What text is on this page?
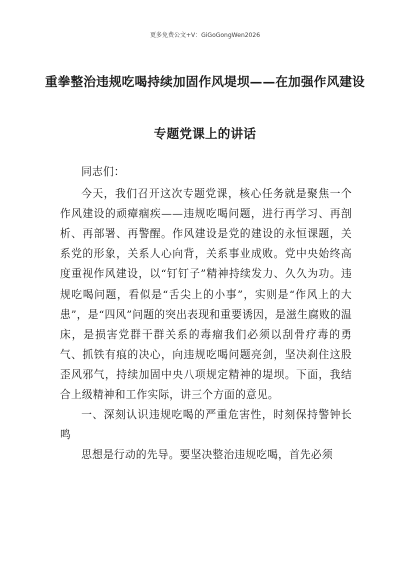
更多免费公文+V：GiGoGongWen2026
重拳整治违规吃喝持续加固作风堤坝——在加强作风建设
专题党课上的讲话

同志们：

今天，我们召开这次专题党课，核心任务就是聚焦一个作风建设的顽瘴痼疾——违规吃喝问题，进行再学习、再剖析、再部署、再警醒。作风建设是党的建设的永恒课题，关系党的形象，关系人心向背，关系事业成败。党中央始终高度重视作风建设，以“钉钉子”精神持续发力、久久为功。违规吃喝问题，看似是“舌尖上的小事”，实则是“作风上的大患”，是“四风”问题的突出表现和重要诱因，是滋生腐败的温床，是损害党群干群关系的毒瘤我们必须以刮骨疗毒的勇气、抓铁有痕的决心，向违规吃喝问题亮剑，坚决刹住这股歪风邪气，持续加固中央八项规定精神的堤坝。下面，我结合上级精神和工作实际，讲三个方面的意见。

一、深刻认识违规吃喝的严重危害性，时刻保持警钟长鸣

思想是行动的先导。要坚决整治违规吃喝，首先必须
